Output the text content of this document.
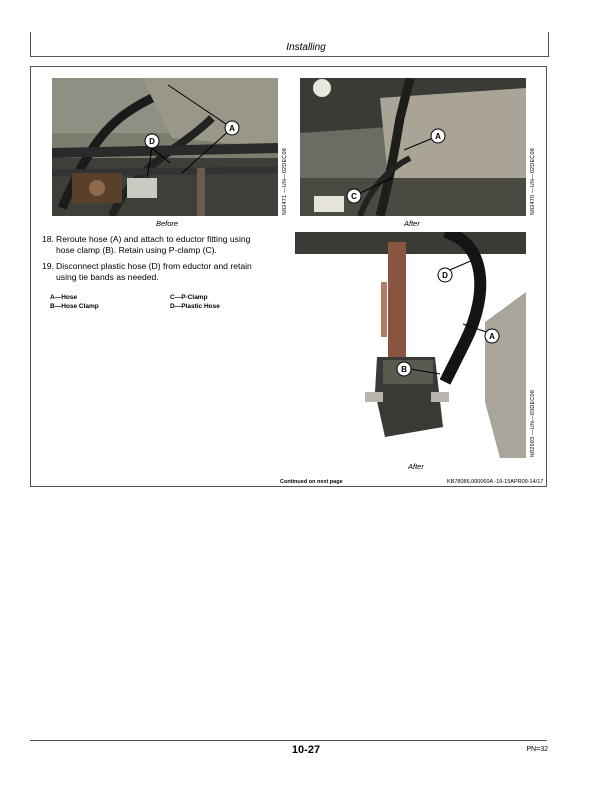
Installing
A
D
N82471 —UN—02DEC08
Before
A
C	N82470 —UN—02DEC08
After
D
A
B
N82503 —UN—03DEC08
After
18. Reroute hose (A) and attach to eductor fitting using
hose clamp (B). Retain using P-clamp (C).
19. Disconnect plastic hose (D) from eductor and retain
using tie bands as needed.
A—Hose
B—Hose Clamp
C—P-Clamp
D—Plastic Hose
Continued on next page	KB78086,000060A -19-15APR09-14/17
10-27	PN=32
